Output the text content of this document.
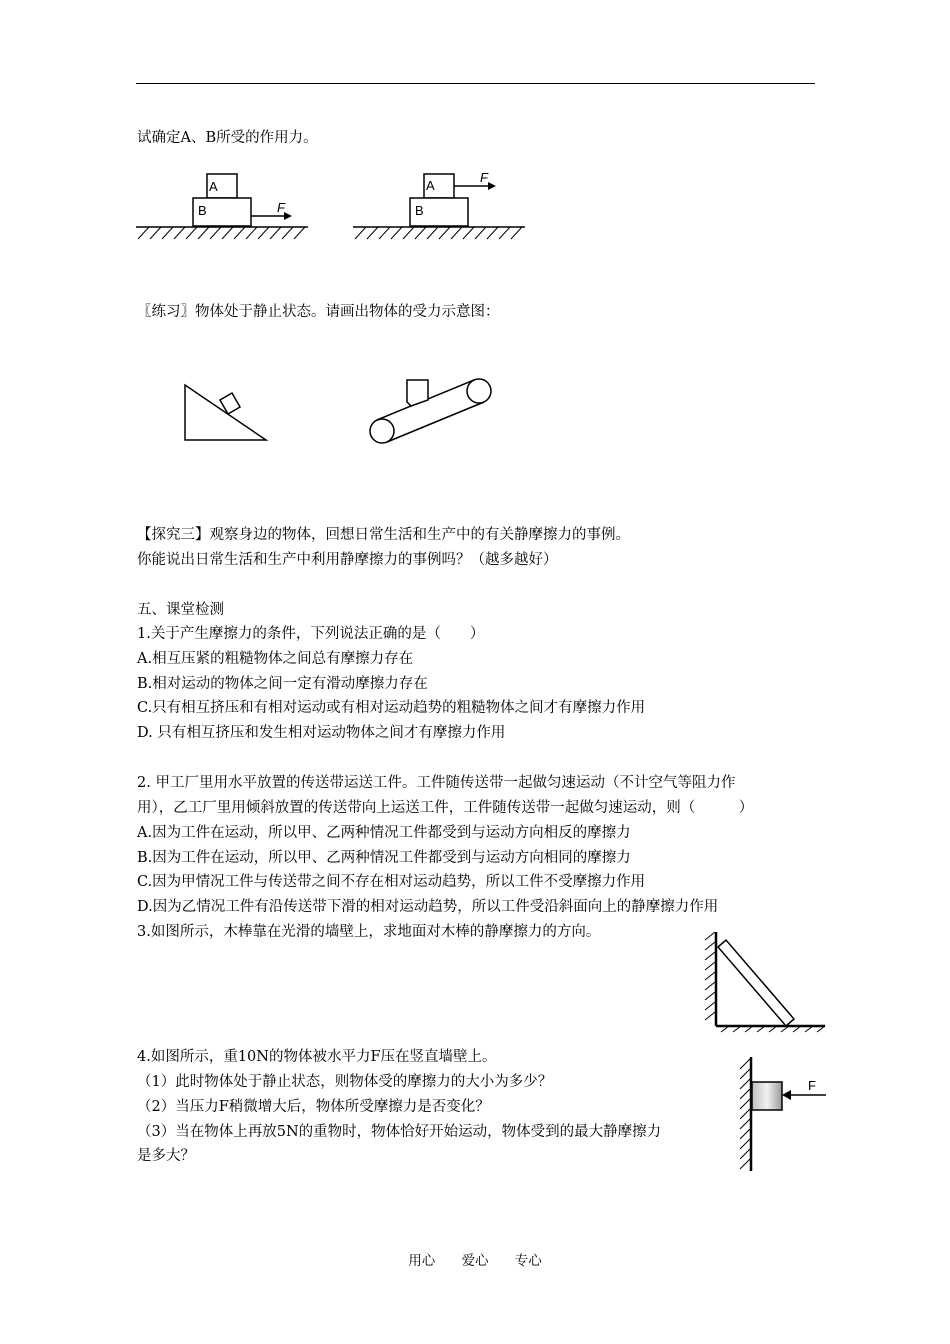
试确定A、B所受的作用力。
A
B	F
A
B
F
〖练习〗物体处于静止状态。请画出物体的受力示意图：
【探究三】观察身边的物体，回想日常生活和生产中的有关静摩擦力的事例。
你能说出日常生活和生产中利用静摩擦力的事例吗？（越多越好）
五、课堂检测
1.关于产生摩擦力的条件，下列说法正确的是（　　）
A.相互压紧的粗糙物体之间总有摩擦力存在
B.相对运动的物体之间一定有滑动摩擦力存在
C.只有相互挤压和有相对运动或有相对运动趋势的粗糙物体之间才有摩擦力作用
D. 只有相互挤压和发生相对运动物体之间才有摩擦力作用
2. 甲工厂里用水平放置的传送带运送工件。工件随传送带一起做匀速运动（不计空气等阻力作
用），乙工厂里用倾斜放置的传送带向上运送工件，工件随传送带一起做匀速运动，则（　　　）
A.因为工件在运动，所以甲、乙两种情况工件都受到与运动方向相反的摩擦力
B.因为工件在运动，所以甲、乙两种情况工件都受到与运动方向相同的摩擦力
C.因为甲情况工件与传送带之间不存在相对运动趋势，所以工件不受摩擦力作用
D.因为乙情况工件有沿传送带下滑的相对运动趋势，所以工件受沿斜面向上的静摩擦力作用
3.如图所示，木棒靠在光滑的墙壁上，求地面对木棒的静摩擦力的方向。
4.如图所示，重10N的物体被水平力F压在竖直墙壁上。
（1）此时物体处于静止状态，则物体受的摩擦力的大小为多少？
（2）当压力F稍微增大后，物体所受摩擦力是否变化？
（3）当在物体上再放5N的重物时，物体恰好开始运动，物体受到的最大静摩擦力
是多大？
F
用心 爱心 专心
